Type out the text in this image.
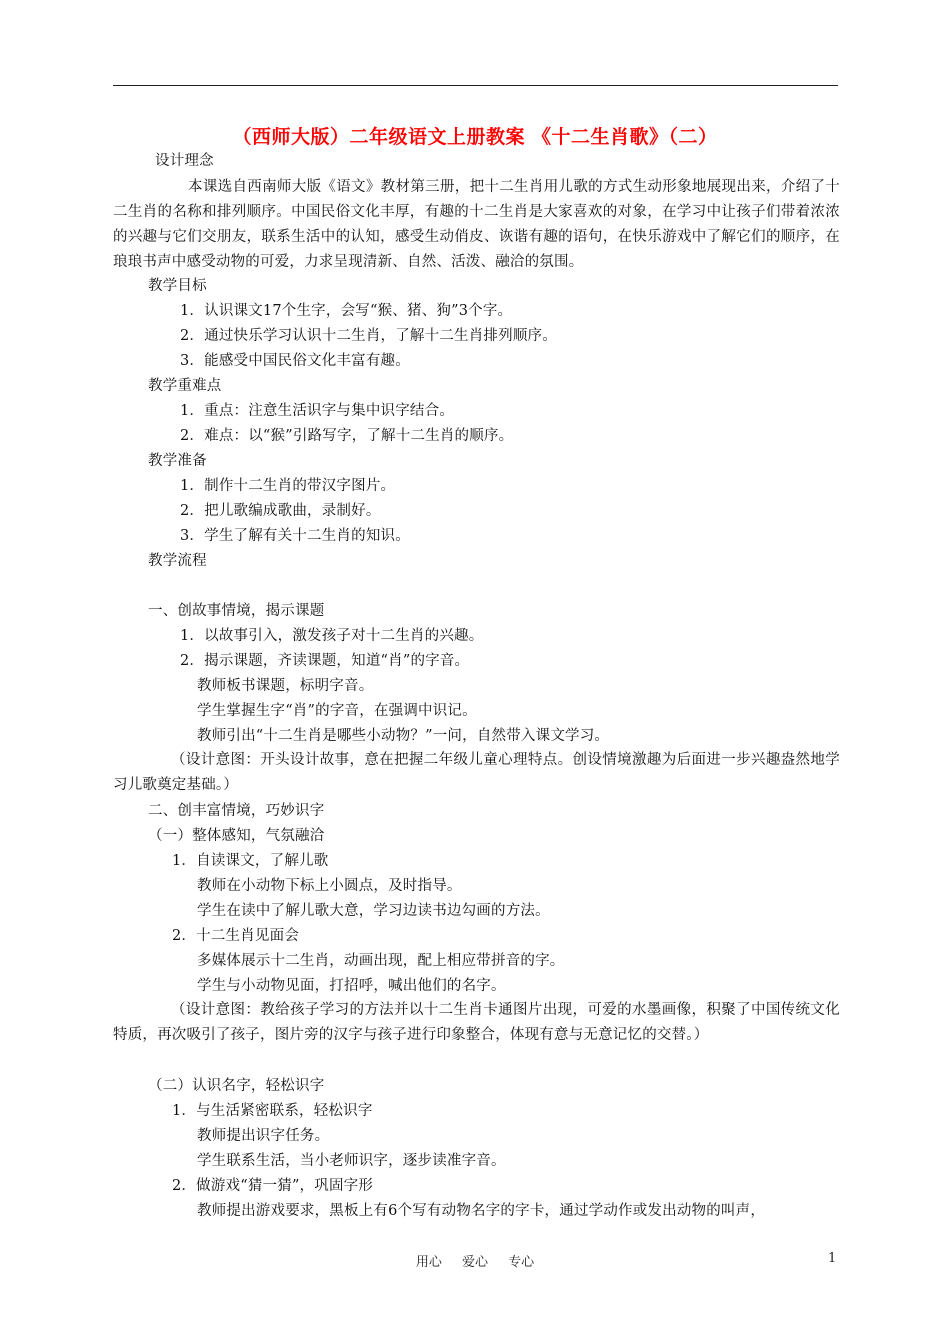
（西师大版）二年级语文上册教案 《十二生肖歌》（二）
设计理念
本课选自西南师大版《语文》教材第三册，把十二生肖用儿歌的方式生动形象地展现出来，介绍了十二生肖的名称和排列顺序。中国民俗文化丰厚，有趣的十二生肖是大家喜欢的对象，在学习中让孩子们带着浓浓的兴趣与它们交朋友，联系生活中的认知，感受生动俏皮、诙谐有趣的语句，在快乐游戏中了解它们的顺序，在琅琅书声中感受动物的可爱，力求呈现清新、自然、活泼、融洽的氛围。
教学目标
1．认识课文17个生字，会写“猴、猪、狗”3个字。
2．通过快乐学习认识十二生肖，了解十二生肖排列顺序。
3．能感受中国民俗文化丰富有趣。
教学重难点
1．重点：注意生活识字与集中识字结合。
2．难点：以“猴”引路写字，了解十二生肖的顺序。
教学准备
1．制作十二生肖的带汉字图片。
2．把儿歌编成歌曲，录制好。
3．学生了解有关十二生肖的知识。
教学流程
一、创故事情境，揭示课题
1．以故事引入，激发孩子对十二生肖的兴趣。
2．揭示课题，齐读课题，知道“肖”的字音。
教师板书课题，标明字音。
学生掌握生字“肖”的字音，在强调中识记。
教师引出“十二生肖是哪些小动物？”一问，自然带入课文学习。
（设计意图：开头设计故事，意在把握二年级儿童心理特点。创设情境激趣为后面进一步兴趣盎然地学习儿歌奠定基础。）
二、创丰富情境，巧妙识字
（一）整体感知，气氛融洽
1．自读课文，了解儿歌
教师在小动物下标上小圆点，及时指导。
学生在读中了解儿歌大意，学习边读书边勾画的方法。
2．十二生肖见面会
多媒体展示十二生肖，动画出现，配上相应带拼音的字。
学生与小动物见面，打招呼，喊出他们的名字。
（设计意图：教给孩子学习的方法并以十二生肖卡通图片出现，可爱的水墨画像，积聚了中国传统文化特质，再次吸引了孩子，图片旁的汉字与孩子进行印象整合，体现有意与无意记忆的交替。）
（二）认识名字，轻松识字
1．与生活紧密联系，轻松识字
教师提出识字任务。
学生联系生活，当小老师识字，逐步读准字音。
2．做游戏“猜一猜”，巩固字形
教师提出游戏要求，黑板上有6个写有动物名字的字卡，通过学动作或发出动物的叫声，
用心 爱心 专心	1
